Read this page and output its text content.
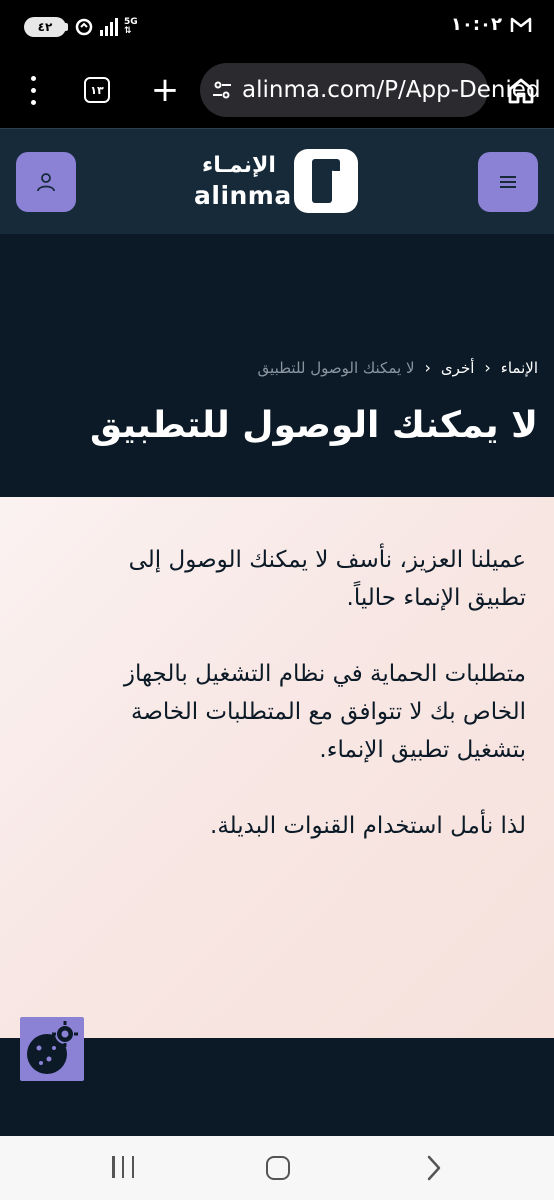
٤٢	5G
⇅	١٠:٠٢
١٣ +	alinma.com/P/App-Denied
الإنمـاء
alinma
الإنماء
‹
أخرى
‹
لا يمكنك الوصول للتطبيق
لا يمكنك الوصول للتطبيق

عميلنا العزيز، نأسف لا يمكنك الوصول إلى تطبيق الإنماء حالياً.

متطلبات الحماية في نظام التشغيل بالجهاز الخاص بك لا تتوافق مع المتطلبات الخاصة بتشغيل تطبيق الإنماء.

لذا نأمل استخدام القنوات البديلة.
